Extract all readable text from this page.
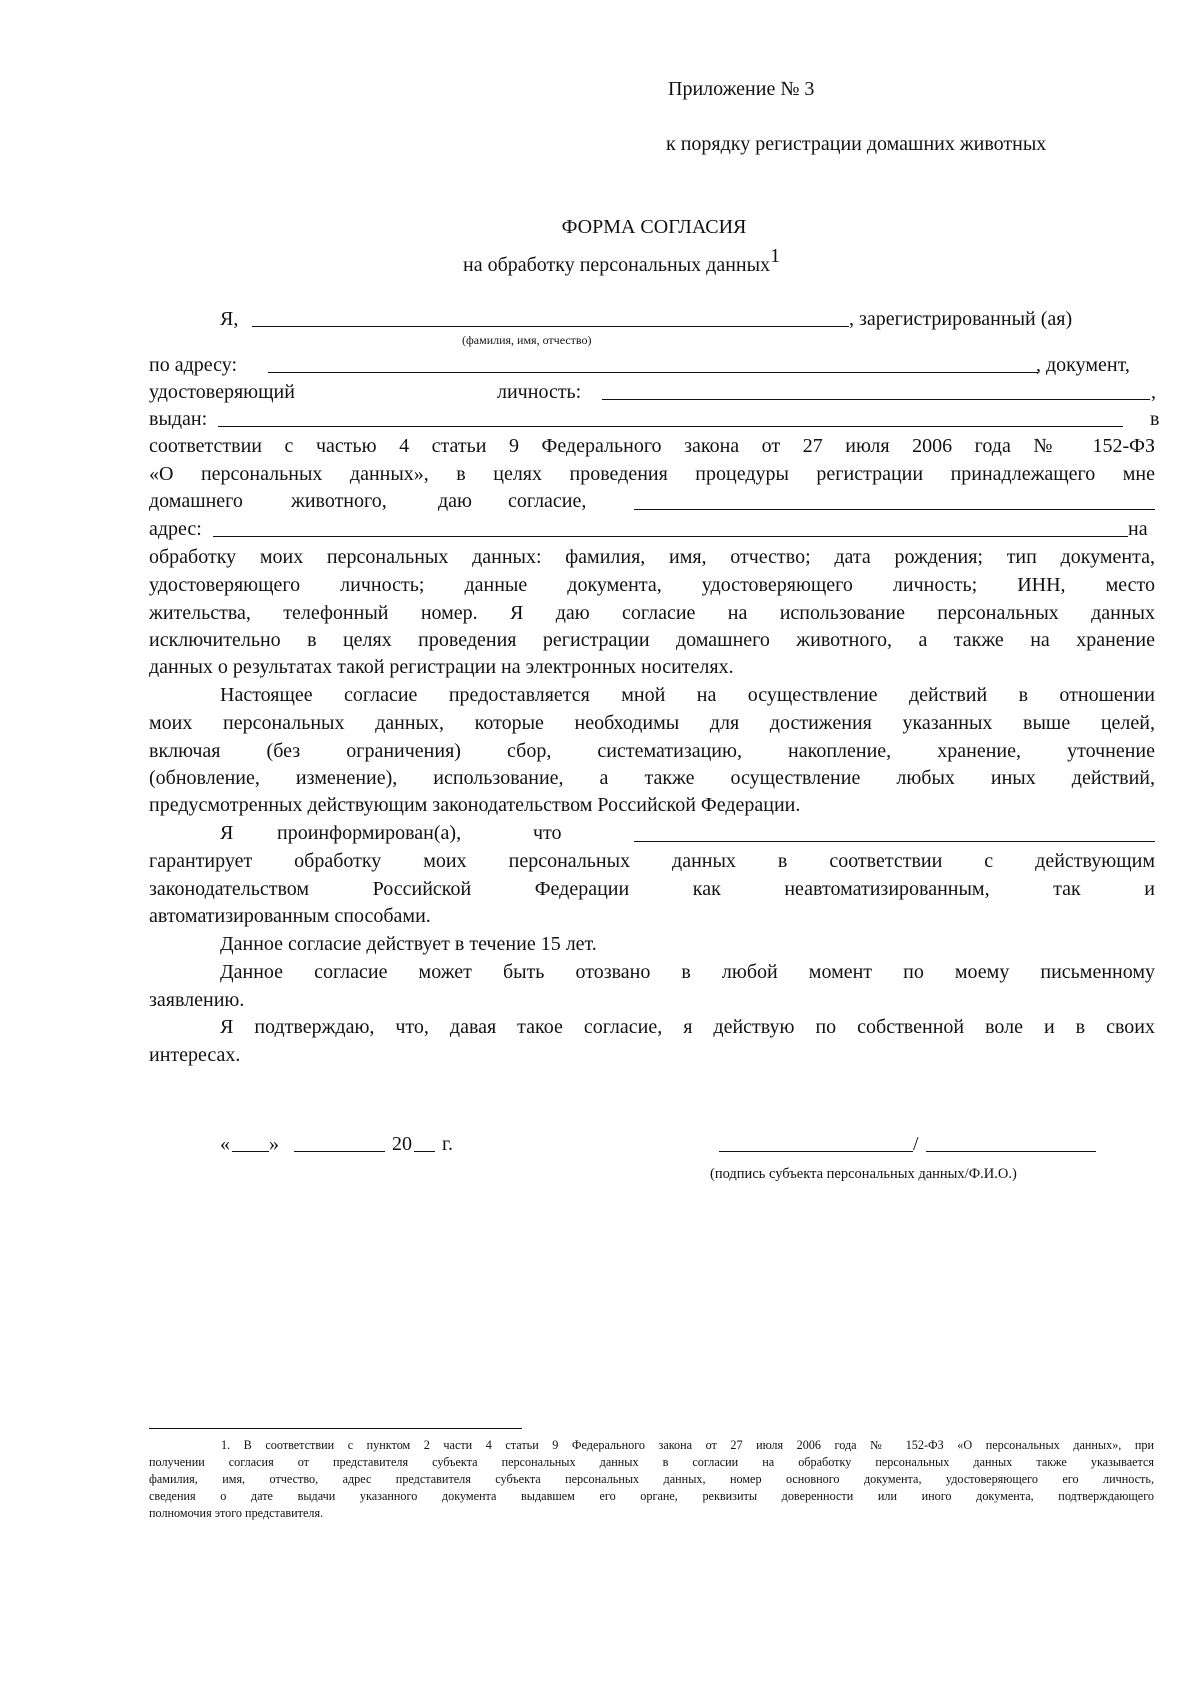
Приложение № 3
к порядку регистрации домашних животных
ФОРМА СОГЛАСИЯ
на обработку персональных данных$^1$
Я,	, зарегистрированный (ая)
(фамилия, имя, отчество)
по адресу:	, документ,
удостоверяющий	личность:	,
выдан:	в
соответствии с частью 4 статьи 9 Федерального закона от 27 июля 2006 года № 152-ФЗ
«О персональных данных», в целях проведения процедуры регистрации принадлежащего мне
домашнего животного,	даю согласие,
адрес:	на
обработку моих персональных данных: фамилия, имя, отчество; дата рождения; тип документа,
удостоверяющего личность; данные документа, удостоверяющего личность; ИНН, место
жительства, телефонный номер. Я даю согласие на использование персональных данных
исключительно в целях проведения регистрации домашнего животного, а также на хранение
данных о результатах такой регистрации на электронных носителях.
Настоящее согласие предоставляется мной на осуществление действий в отношении
моих персональных данных, которые необходимы для достижения указанных выше целей,
включая (без ограничения) сбор, систематизацию, накопление, хранение, уточнение
(обновление, изменение), использование, а также осуществление любых иных действий,
предусмотренных действующим законодательством Российской Федерации.
Я проинформирован(а),	что
гарантирует обработку моих персональных данных в соответствии с действующим
законодательством Российской Федерации как неавтоматизированным, так и
автоматизированным способами.
Данное согласие действует в течение 15 лет.
Данное согласие может быть отозвано в любой момент по моему письменному
заявлению.
Я подтверждаю, что, давая такое согласие, я действую по собственной воле и в своих
интересах.
« »	20 г.	/
(подпись субъекта персональных данных/Ф.И.О.)
1. В соответствии с пунктом 2 части 4 статьи 9 Федерального закона от 27 июля 2006 года № 152-ФЗ «О персональных данных», при
получении согласия от представителя субъекта персональных данных в согласии на обработку персональных данных также указывается
фамилия, имя, отчество, адрес представителя субъекта персональных данных, номер основного документа, удостоверяющего его личность,
сведения о дате выдачи указанного документа выдавшем его органе, реквизиты доверенности или иного документа, подтверждающего
полномочия этого представителя.
